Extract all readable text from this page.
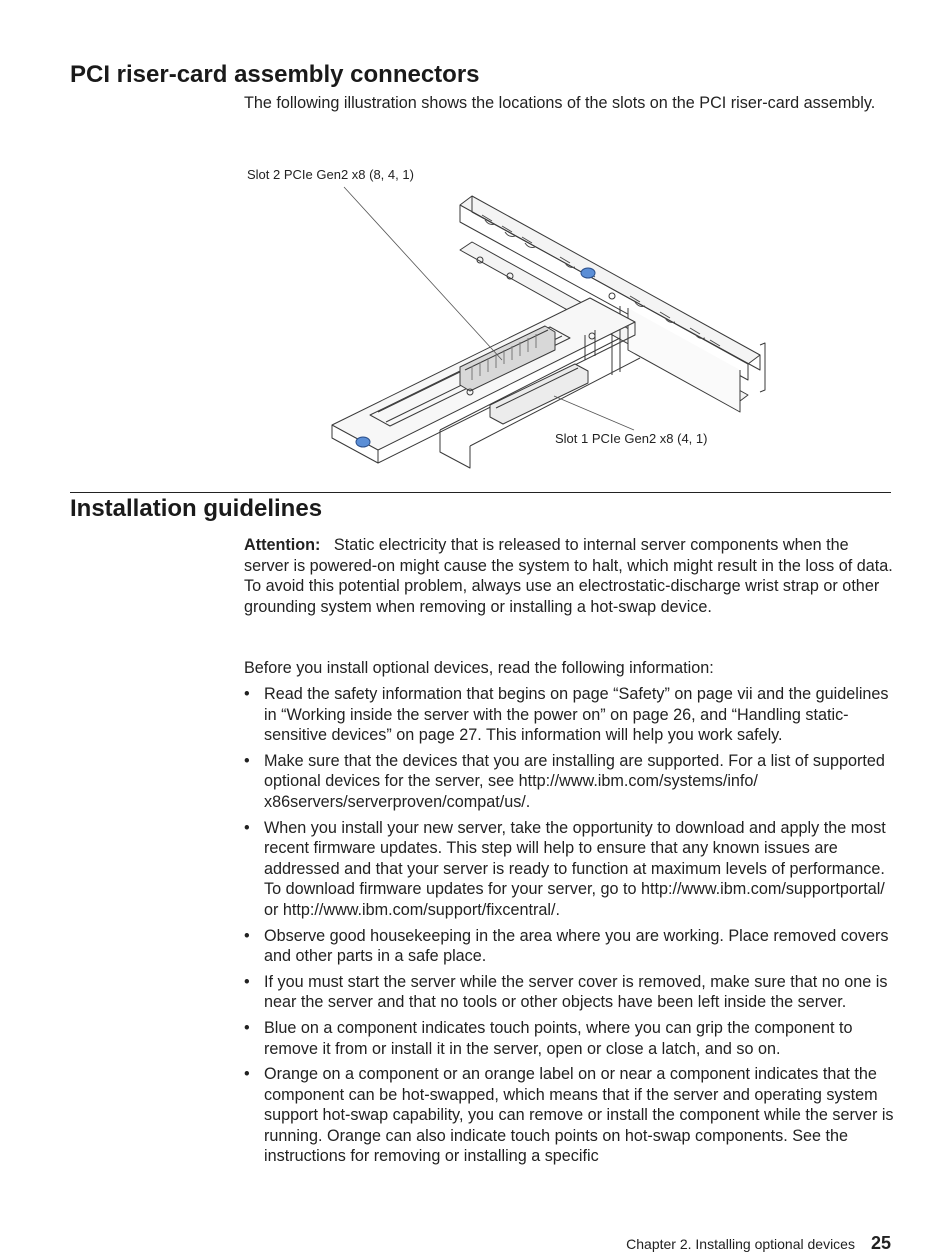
PCI riser-card assembly connectors

The following illustration shows the locations of the slots on the PCI riser-card assembly.

Slot 2 PCIe Gen2 x8 (8, 4, 1)
Slot 1 PCIe Gen2 x8 (4, 1)
Installation guidelines

Attention: Static electricity that is released to internal server components when the server is powered-on might cause the system to halt, which might result in the loss of data. To avoid this potential problem, always use an electrostatic-discharge wrist strap or other grounding system when removing or installing a hot-swap device.

Before you install optional devices, read the following information:

• Read the safety information that begins on page “Safety” on page vii and the guidelines in “Working inside the server with the power on” on page 26, and “Handling static-sensitive devices” on page 27. This information will help you work safely.
• Make sure that the devices that you are installing are supported. For a list of supported optional devices for the server, see http://www.ibm.com/systems/info/ x86servers/serverproven/compat/us/.
• When you install your new server, take the opportunity to download and apply the most recent firmware updates. This step will help to ensure that any known issues are addressed and that your server is ready to function at maximum levels of performance. To download firmware updates for your server, go to http://www.ibm.com/supportportal/ or http://www.ibm.com/support/fixcentral/.
• Observe good housekeeping in the area where you are working. Place removed covers and other parts in a safe place.
• If you must start the server while the server cover is removed, make sure that no one is near the server and that no tools or other objects have been left inside the server.
• Blue on a component indicates touch points, where you can grip the component to remove it from or install it in the server, open or close a latch, and so on.
• Orange on a component or an orange label on or near a component indicates that the component can be hot-swapped, which means that if the server and operating system support hot-swap capability, you can remove or install the component while the server is running. Orange can also indicate touch points on hot-swap components. See the instructions for removing or installing a specific
Chapter 2. Installing optional devices 25
